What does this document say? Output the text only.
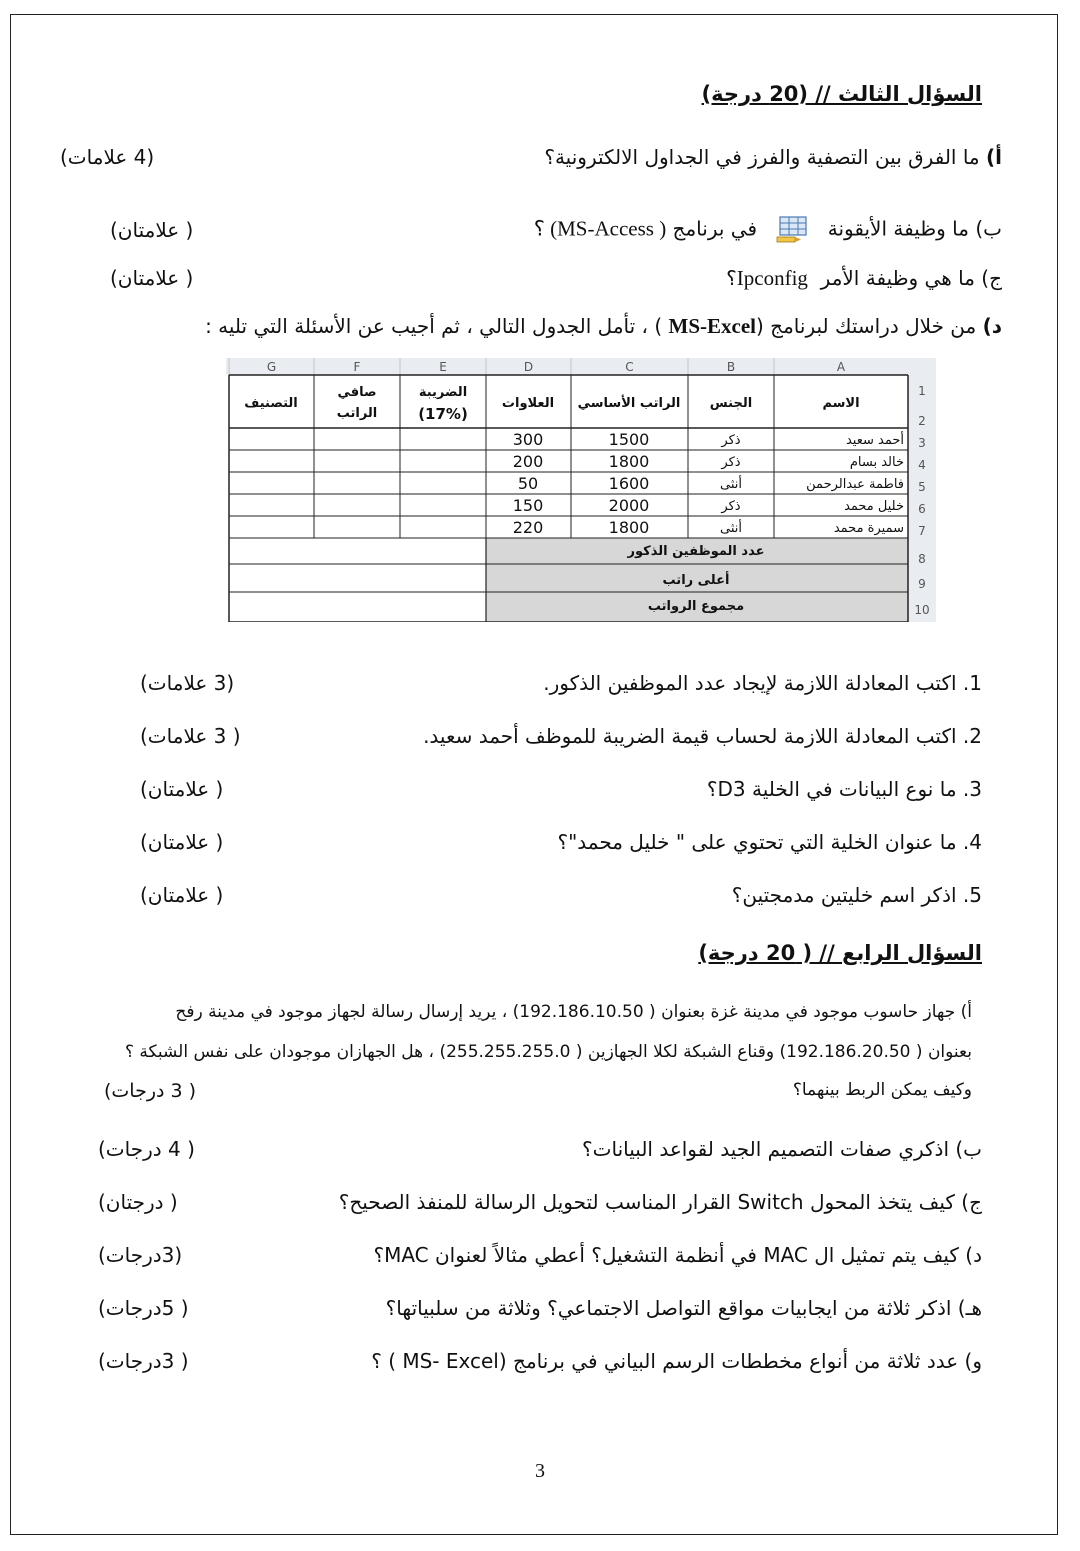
السؤال الثالث // (20 درجة)
أ) ما الفرق بين التصفية والفرز في الجداول الالكترونية؟
(4 علامات)
ب) ما وظيفة الأيقونة  في برنامج ( MS-Access) ؟
( علامتان)
ج) ما هي وظيفة الأمر  Ipconfig؟
( علامتان)
د) من خلال دراستك لبرنامج (MS-Excel ) ، تأمل الجدول التالي ، ثم أجيب عن الأسئلة التي تليه :
A
B
C
D
E
F
G
1
2
3
4
5
6
7
8
9
10
الاسم
الجنس
الراتب الأساسي
العلاوات
الضريبة
(17%)
صافي
الراتب
التصنيف
أحمد سعيد
ذكر
1500
300
خالد بسام
ذكر
1800
200
فاطمة عبدالرحمن
أنثى
1600
50
خليل محمد
ذكر
2000
150
سميرة محمد
أنثى
1800
220
عدد الموظفين الذكور
أعلى راتب
مجموع الرواتب
1. اكتب المعادلة اللازمة لإيجاد عدد الموظفين الذكور.
(3 علامات)
2. اكتب المعادلة اللازمة لحساب قيمة الضريبة للموظف أحمد سعيد.
( 3 علامات)
3. ما نوع البيانات في الخلية D3؟
( علامتان)
4. ما عنوان الخلية التي تحتوي على " خليل محمد"؟
( علامتان)
5. اذكر اسم خليتين مدمجتين؟
( علامتان)
السؤال الرابع // ( 20 درجة)
أ) جهاز حاسوب موجود في مدينة غزة بعنوان ( 192.186.10.50) ، يريد إرسال رسالة لجهاز موجود في مدينة رفح
بعنوان ( 192.186.20.50) وقناع الشبكة لكلا الجهازين ( 255.255.255.0) ، هل الجهازان موجودان على نفس الشبكة ؟
وكيف يمكن الربط بينهما؟
( 3 درجات)
ب) اذكري صفات التصميم الجيد لقواعد البيانات؟
( 4 درجات)
ج) كيف يتخذ المحول Switch القرار المناسب لتحويل الرسالة للمنفذ الصحيح؟
( درجتان)
د) كيف يتم تمثيل ال MAC في أنظمة التشغيل؟ أعطي مثالاً لعنوان MAC؟
(3درجات)
هـ) اذكر ثلاثة من ايجابيات مواقع التواصل الاجتماعي؟ وثلاثة من سلبياتها؟
( 5درجات)
و) عدد ثلاثة من أنواع مخططات الرسم البياني في برنامج (MS- Excel ) ؟
( 3درجات)
3
